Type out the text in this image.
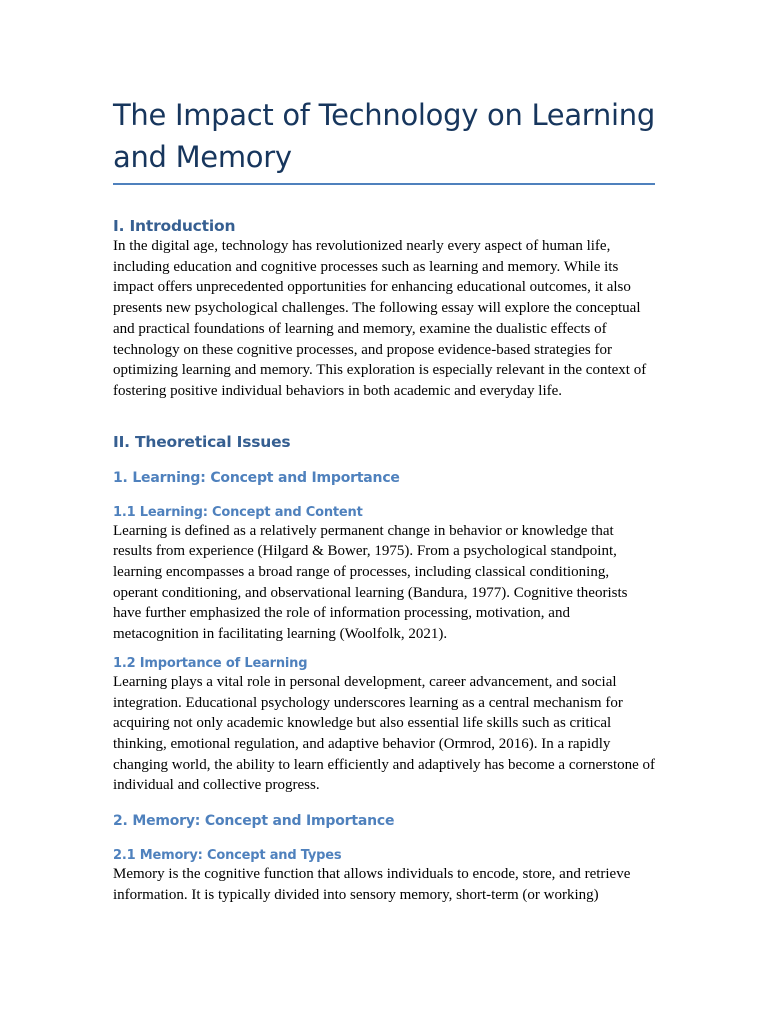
The Impact of Technology on Learning and Memory
I. Introduction

In the digital age, technology has revolutionized nearly every aspect of human life, including education and cognitive processes such as learning and memory. While its impact offers unprecedented opportunities for enhancing educational outcomes, it also presents new psychological challenges. The following essay will explore the conceptual and practical foundations of learning and memory, examine the dualistic effects of technology on these cognitive processes, and propose evidence-based strategies for optimizing learning and memory. This exploration is especially relevant in the context of fostering positive individual behaviors in both academic and everyday life.

II. Theoretical Issues
1. Learning: Concept and Importance
1.1 Learning: Concept and Content

Learning is defined as a relatively permanent change in behavior or knowledge that results from experience (Hilgard & Bower, 1975). From a psychological standpoint, learning encompasses a broad range of processes, including classical conditioning, operant conditioning, and observational learning (Bandura, 1977). Cognitive theorists have further emphasized the role of information processing, motivation, and metacognition in facilitating learning (Woolfolk, 2021).

1.2 Importance of Learning

Learning plays a vital role in personal development, career advancement, and social integration. Educational psychology underscores learning as a central mechanism for acquiring not only academic knowledge but also essential life skills such as critical thinking, emotional regulation, and adaptive behavior (Ormrod, 2016). In a rapidly changing world, the ability to learn efficiently and adaptively has become a cornerstone of individual and collective progress.

2. Memory: Concept and Importance
2.1 Memory: Concept and Types

Memory is the cognitive function that allows individuals to encode, store, and retrieve information. It is typically divided into sensory memory, short-term (or working)
